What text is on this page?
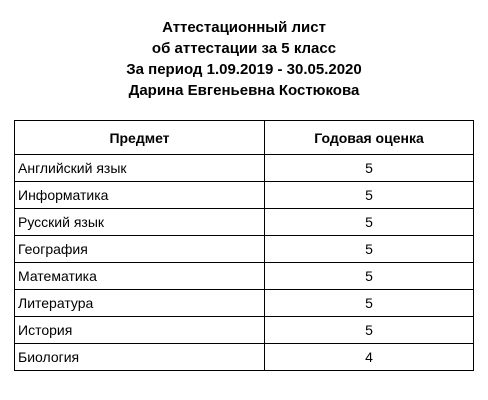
Аттестационный лист
об аттестации за 5 класс
За период 1.09.2019 - 30.05.2020
Дарина Евгеньевна Костюкова
Предмет	Годовая оценка
Английский язык	5
Информатика	5
Русский язык	5
География	5
Математика	5
Литература	5
История	5
Биология	4
